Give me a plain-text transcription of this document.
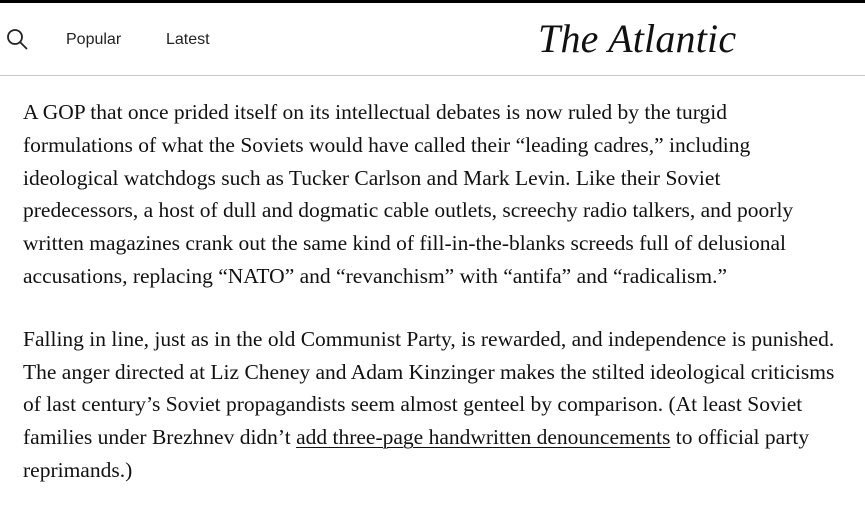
Popular	Latest	The Atlantic

A GOP that once prided itself on its intellectual debates is now ruled by the turgid formulations of what the Soviets would have called their “leading cadres,” including ideological watchdogs such as Tucker Carlson and Mark Levin. Like their Soviet predecessors, a host of dull and dogmatic cable outlets, screechy radio talkers, and poorly written magazines crank out the same kind of fill-in-the-blanks screeds full of delusional accusations, replacing “NATO” and “revanchism” with “antifa” and “radicalism.”

Falling in line, just as in the old Communist Party, is rewarded, and independence is punished. The anger directed at Liz Cheney and Adam Kinzinger makes the stilted ideological criticisms of last century’s Soviet propagandists seem almost genteel by comparison. (At least Soviet families under Brezhnev didn’t add three-page handwritten denouncements to official party reprimands.)
